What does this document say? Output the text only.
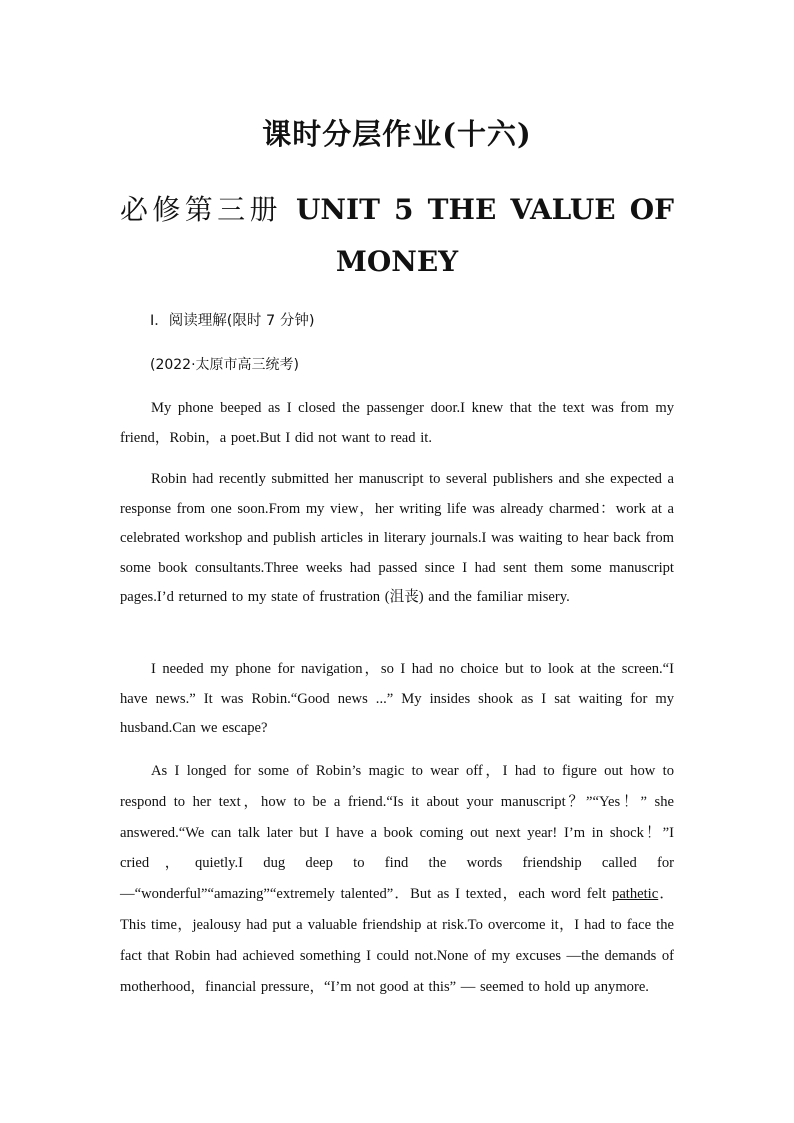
课时分层作业(十六)
必修第三册 UNIT 5 THE VALUE OF
MONEY
Ⅰ．阅读理解(限时 7 分钟)
(2022·太原市高三统考)

My phone beeped as I closed the passenger door.I knew that the text was from my friend，Robin，a poet.But I did not want to read it.

Robin had recently submitted her manuscript to several publishers and she expected a response from one soon.From my view，her writing life was already charmed：work at a celebrated workshop and publish articles in literary journals.I was waiting to hear back from some book consultants.Three weeks had passed since I had sent them some manuscript pages.I’d returned to my state of frustration (沮丧) and the familiar misery.

I needed my phone for navigation，so I had no choice but to look at the screen.“I have news.” It was Robin.“Good news ...” My insides shook as I sat waiting for my husband.Can we escape?

As I longed for some of Robin’s magic to wear off，I had to figure out how to respond to her text，how to be a friend.“Is it about your manuscript？”“Yes！” she answered.“We can talk later but I have a book coming out next year! I’m in shock！”I cried，quietly.I dug deep to find the words friendship called for —“wonderful”“amazing”“extremely talented”．But as I texted，each word felt pathetic．This time，jealousy had put a valuable friendship at risk.To overcome it，I had to face the fact that Robin had achieved something I could not.None of my excuses —the demands of motherhood，financial pressure，“I’m not good at this” — seemed to hold up anymore.
